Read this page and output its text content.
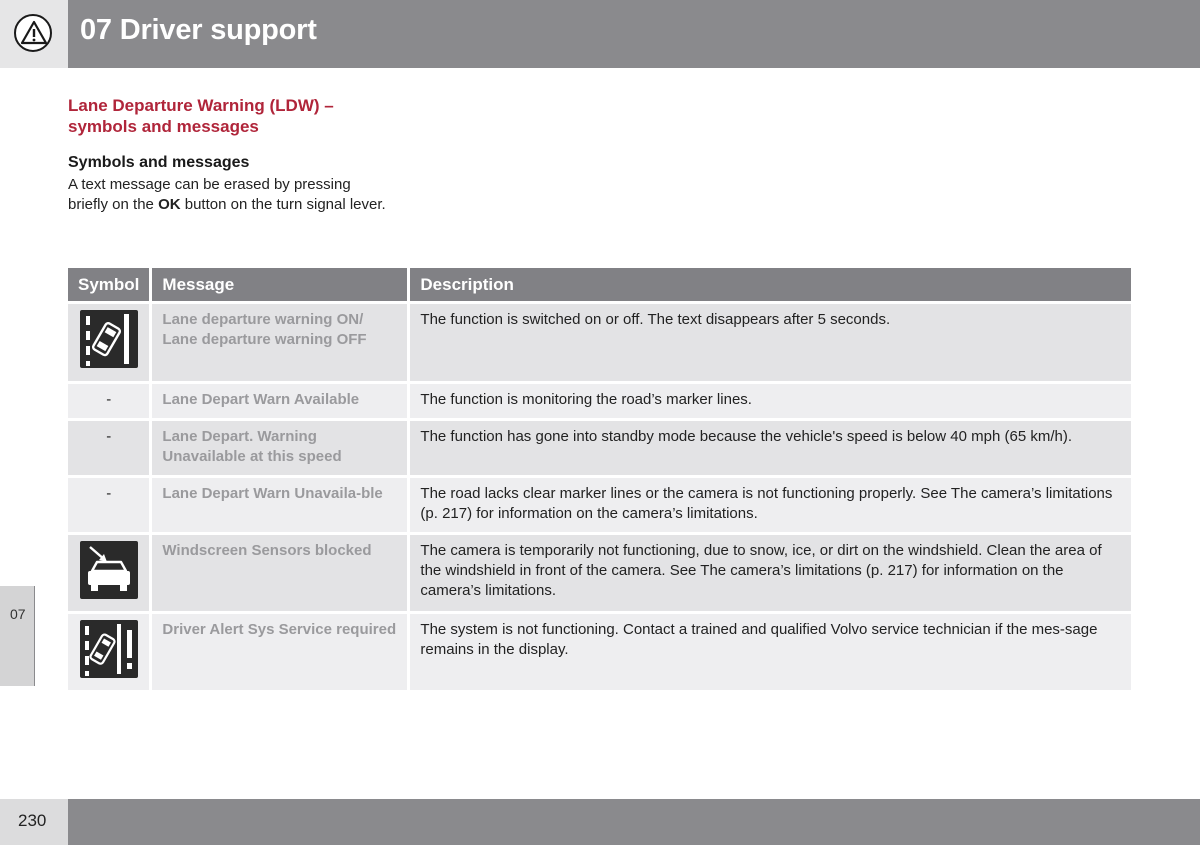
07 Driver support
07
Lane Departure Warning (LDW) – symbols and messages
Symbols and messages
A text message can be erased by pressing briefly on the OK button on the turn signal lever.
Symbol	Message	Description
	Lane departure warning ON/ Lane departure warning OFF	The function is switched on or off. The text disappears after 5 seconds.
-	Lane Depart Warn Available	The function is monitoring the road’s marker lines.
-	Lane Depart. Warning Unavailable at this speed	The function has gone into standby mode because the vehicle's speed is below 40 mph (65 km/h).
-	Lane Depart Warn Unavaila-ble	The road lacks clear marker lines or the camera is not functioning properly. See The camera’s limitations (p. 217) for information on the camera’s limitations.
	Windscreen Sensors blocked	The camera is temporarily not functioning, due to snow, ice, or dirt on the windshield. Clean the area of the windshield in front of the camera. See The camera’s limitations (p. 217) for information on the camera’s limitations.
	Driver Alert Sys Service required	The system is not functioning. Contact a trained and qualified Volvo service technician if the mes-sage remains in the display.
230
